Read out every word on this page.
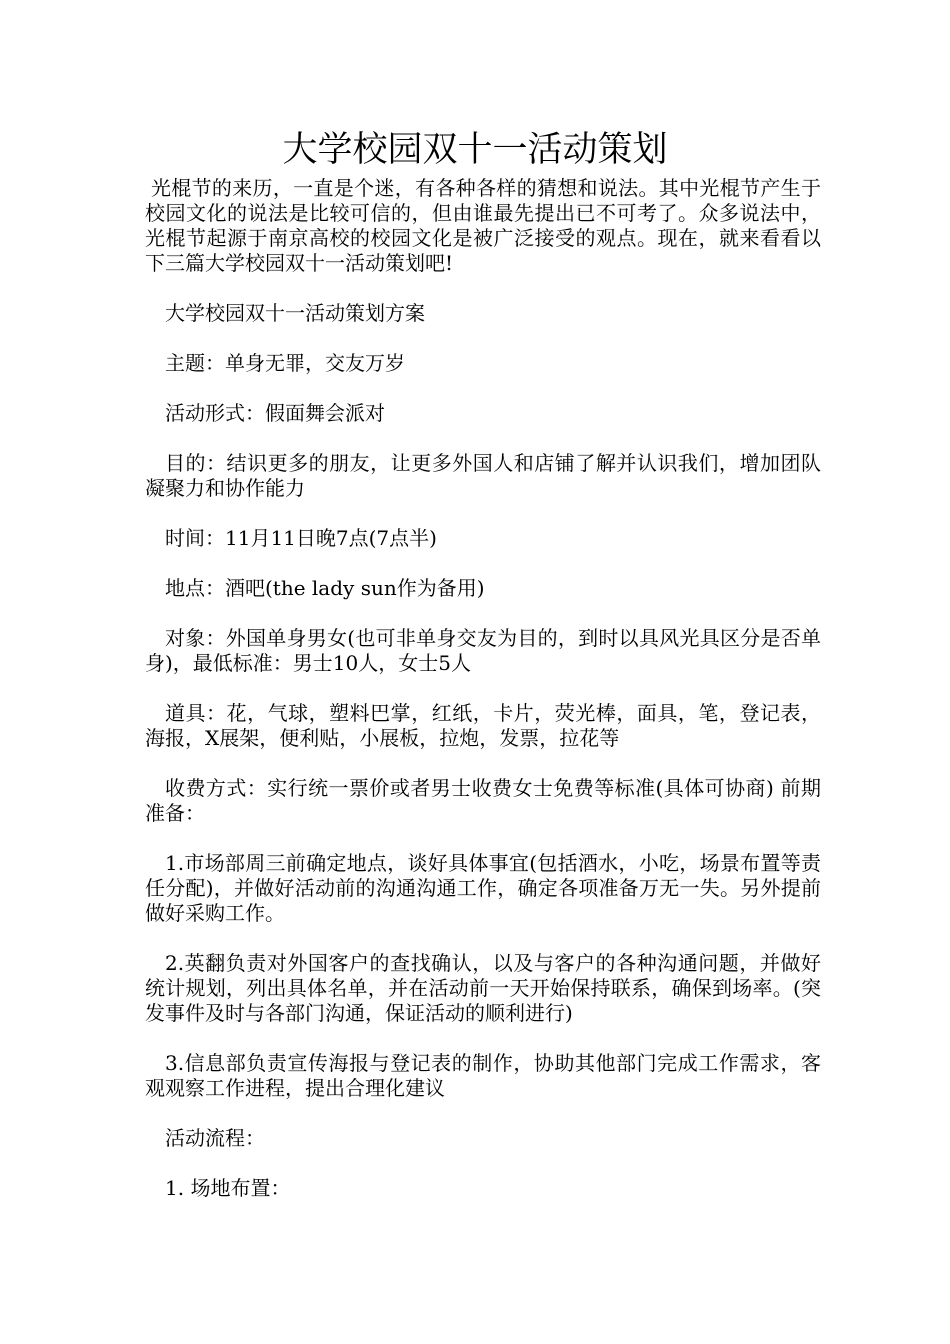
大学校园双十一活动策划

光棍节的来历，一直是个迷，有各种各样的猜想和说法。其中光棍节产生于校园文化的说法是比较可信的，但由谁最先提出已不可考了。众多说法中，光棍节起源于南京高校的校园文化是被广泛接受的观点。现在，就来看看以下三篇大学校园双十一活动策划吧!

大学校园双十一活动策划方案

主题：单身无罪，交友万岁

活动形式：假面舞会派对

目的：结识更多的朋友，让更多外国人和店铺了解并认识我们，增加团队凝聚力和协作能力

时间：11月11日晚7点(7点半)

地点：酒吧(the lady sun作为备用)

对象：外国单身男女(也可非单身交友为目的，到时以具风光具区分是否单身)，最低标准：男士10人，女士5人

道具：花，气球，塑料巴掌，红纸，卡片，荧光棒，面具，笔，登记表，海报，X展架，便利贴，小展板，拉炮，发票，拉花等

收费方式：实行统一票价或者男士收费女士免费等标准(具体可协商) 前期准备：

1.市场部周三前确定地点，谈好具体事宜(包括酒水，小吃，场景布置等责任分配)，并做好活动前的沟通沟通工作，确定各项准备万无一失。另外提前做好采购工作。

2.英翻负责对外国客户的查找确认，以及与客户的各种沟通问题，并做好统计规划，列出具体名单，并在活动前一天开始保持联系，确保到场率。(突发事件及时与各部门沟通，保证活动的顺利进行)

3.信息部负责宣传海报与登记表的制作，协助其他部门完成工作需求，客观观察工作进程，提出合理化建议

活动流程：

1. 场地布置：
